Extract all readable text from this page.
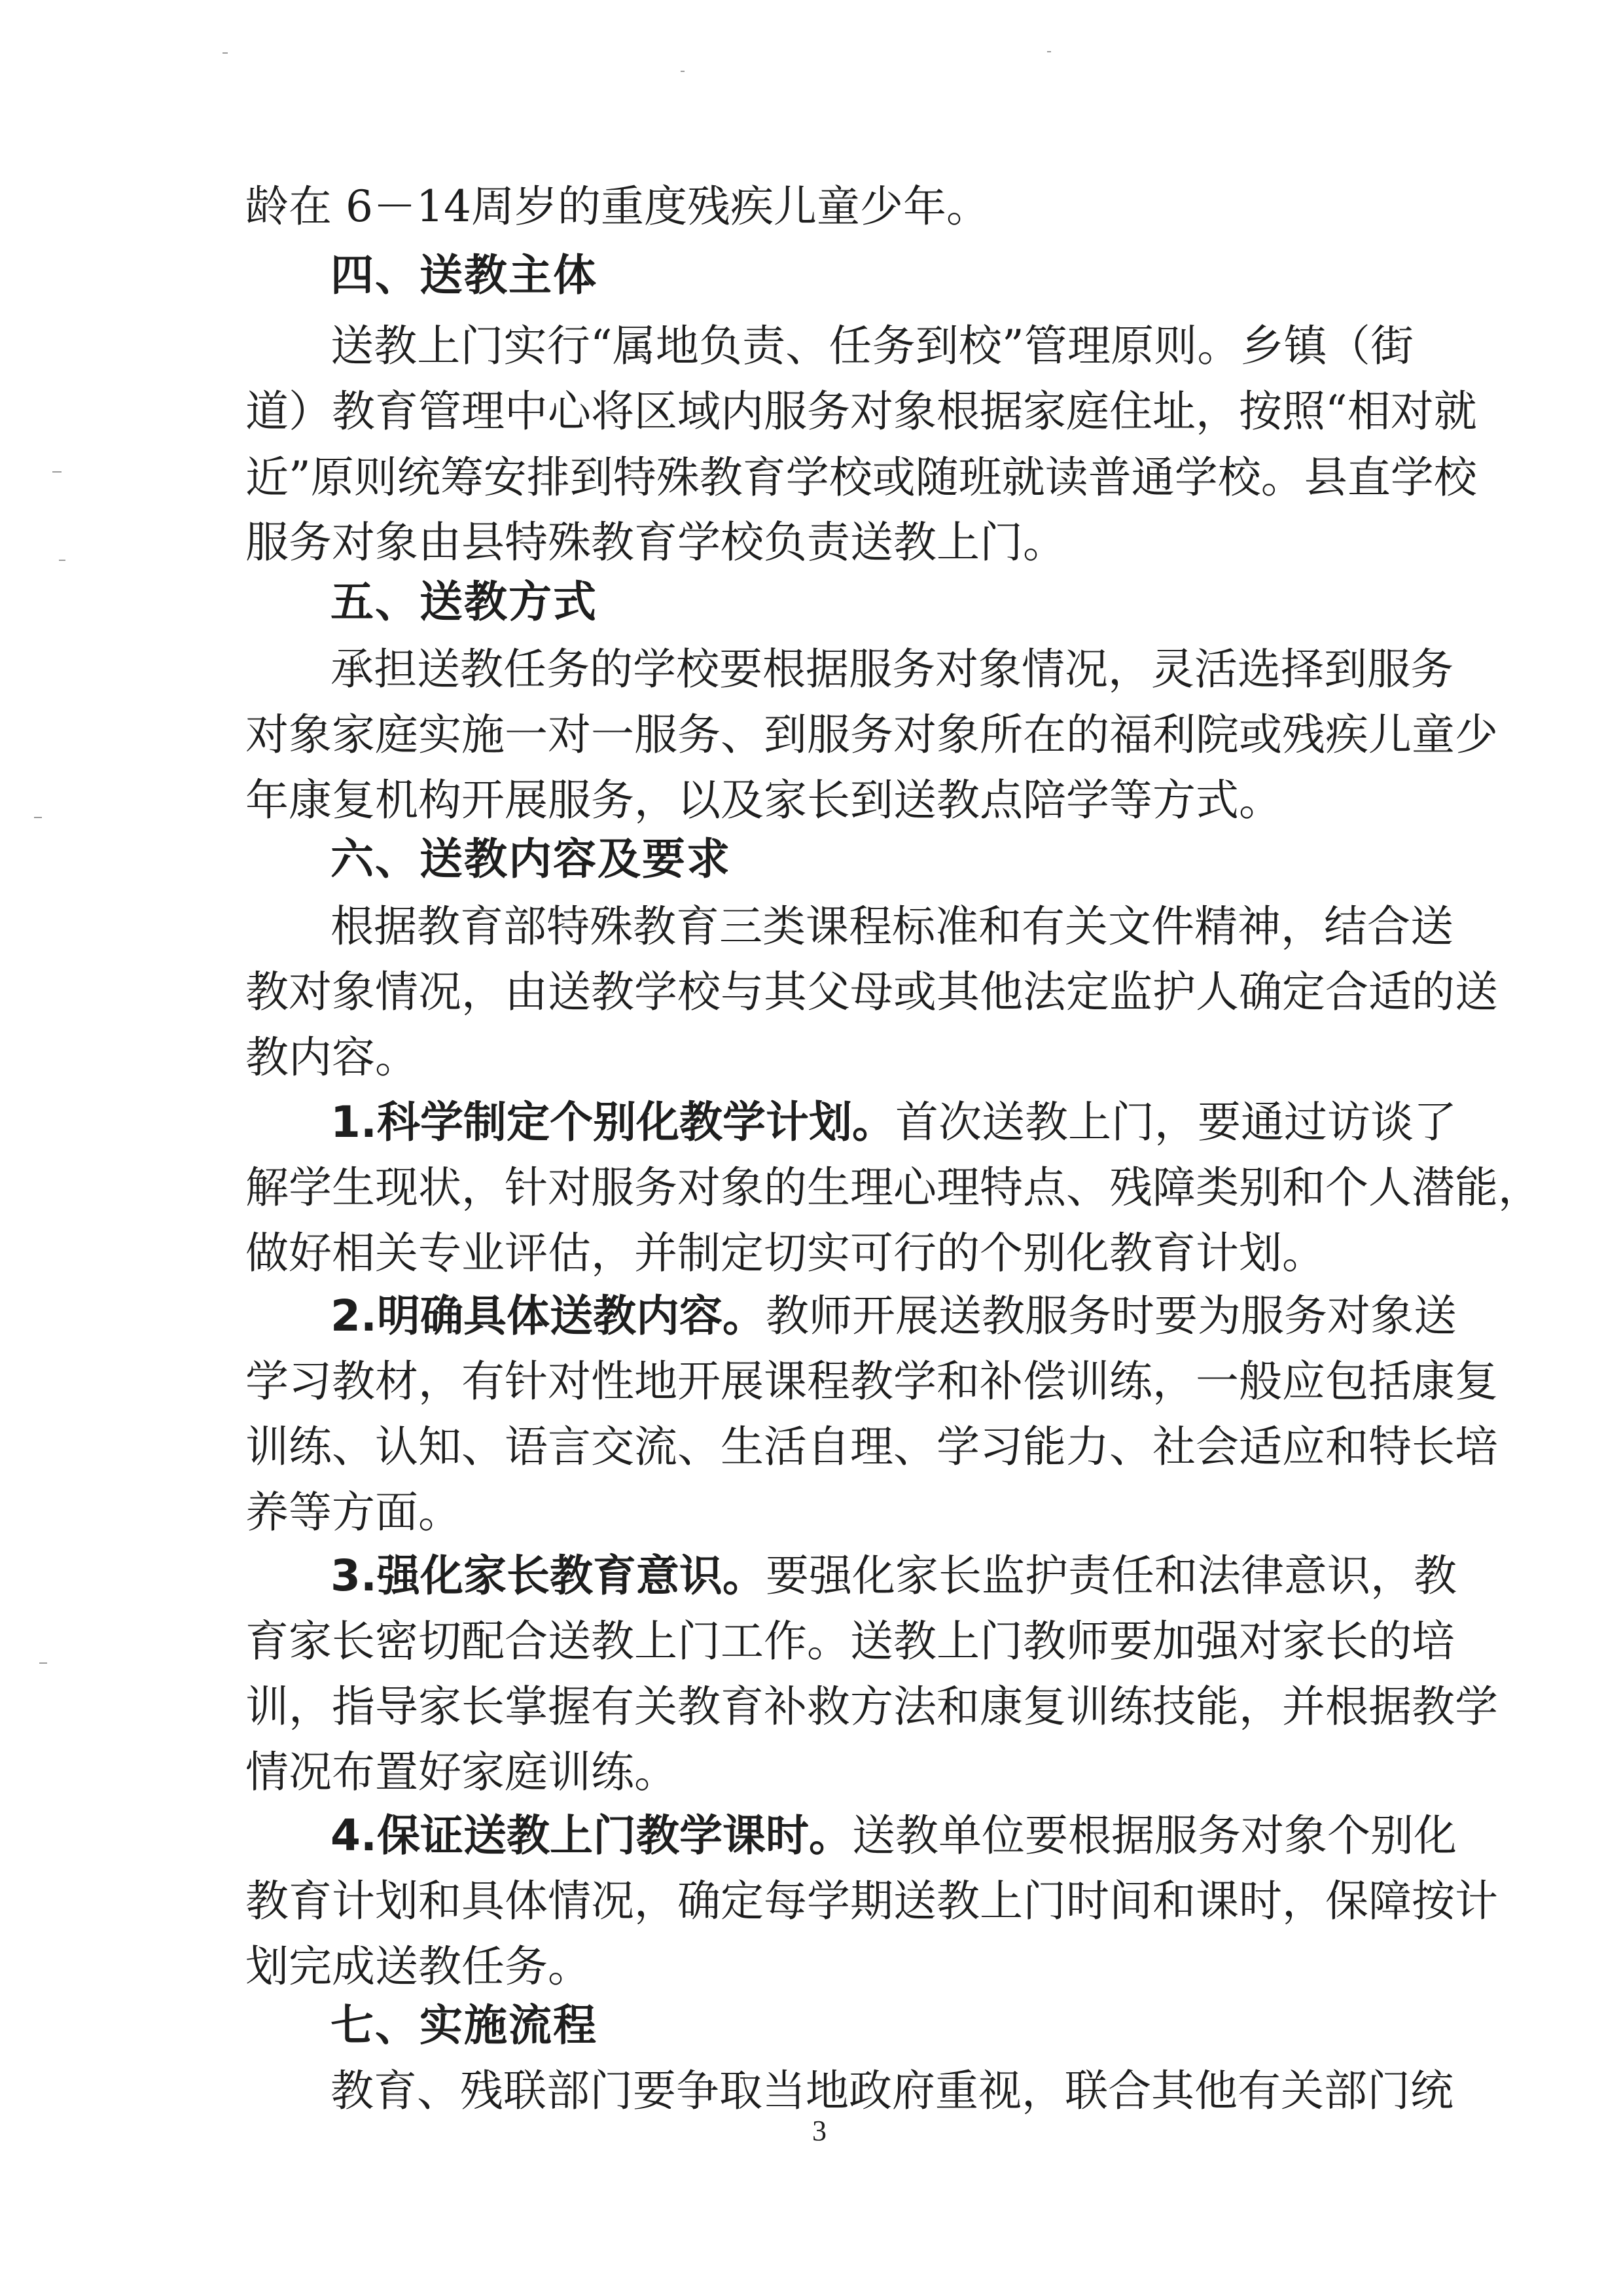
龄在 6－14周岁的重度残疾儿童少年。
四、送教主体
送教上门实行“属地负责、任务到校”管理原则。乡镇（街
道）教育管理中心将区域内服务对象根据家庭住址，按照“相对就
近”原则统筹安排到特殊教育学校或随班就读普通学校。县直学校
服务对象由县特殊教育学校负责送教上门。
五、送教方式
承担送教任务的学校要根据服务对象情况，灵活选择到服务
对象家庭实施一对一服务、到服务对象所在的福利院或残疾儿童少
年康复机构开展服务，以及家长到送教点陪学等方式。
六、送教内容及要求
根据教育部特殊教育三类课程标准和有关文件精神，结合送
教对象情况，由送教学校与其父母或其他法定监护人确定合适的送
教内容。
1.科学制定个别化教学计划。首次送教上门，要通过访谈了
解学生现状，针对服务对象的生理心理特点、残障类别和个人潜能，
做好相关专业评估，并制定切实可行的个别化教育计划。
2.明确具体送教内容。教师开展送教服务时要为服务对象送
学习教材，有针对性地开展课程教学和补偿训练，一般应包括康复
训练、认知、语言交流、生活自理、学习能力、社会适应和特长培
养等方面。
3.强化家长教育意识。要强化家长监护责任和法律意识，教
育家长密切配合送教上门工作。送教上门教师要加强对家长的培
训，指导家长掌握有关教育补救方法和康复训练技能，并根据教学
情况布置好家庭训练。
4.保证送教上门教学课时。送教单位要根据服务对象个别化
教育计划和具体情况，确定每学期送教上门时间和课时，保障按计
划完成送教任务。
七、实施流程
教育、残联部门要争取当地政府重视，联合其他有关部门统
3
